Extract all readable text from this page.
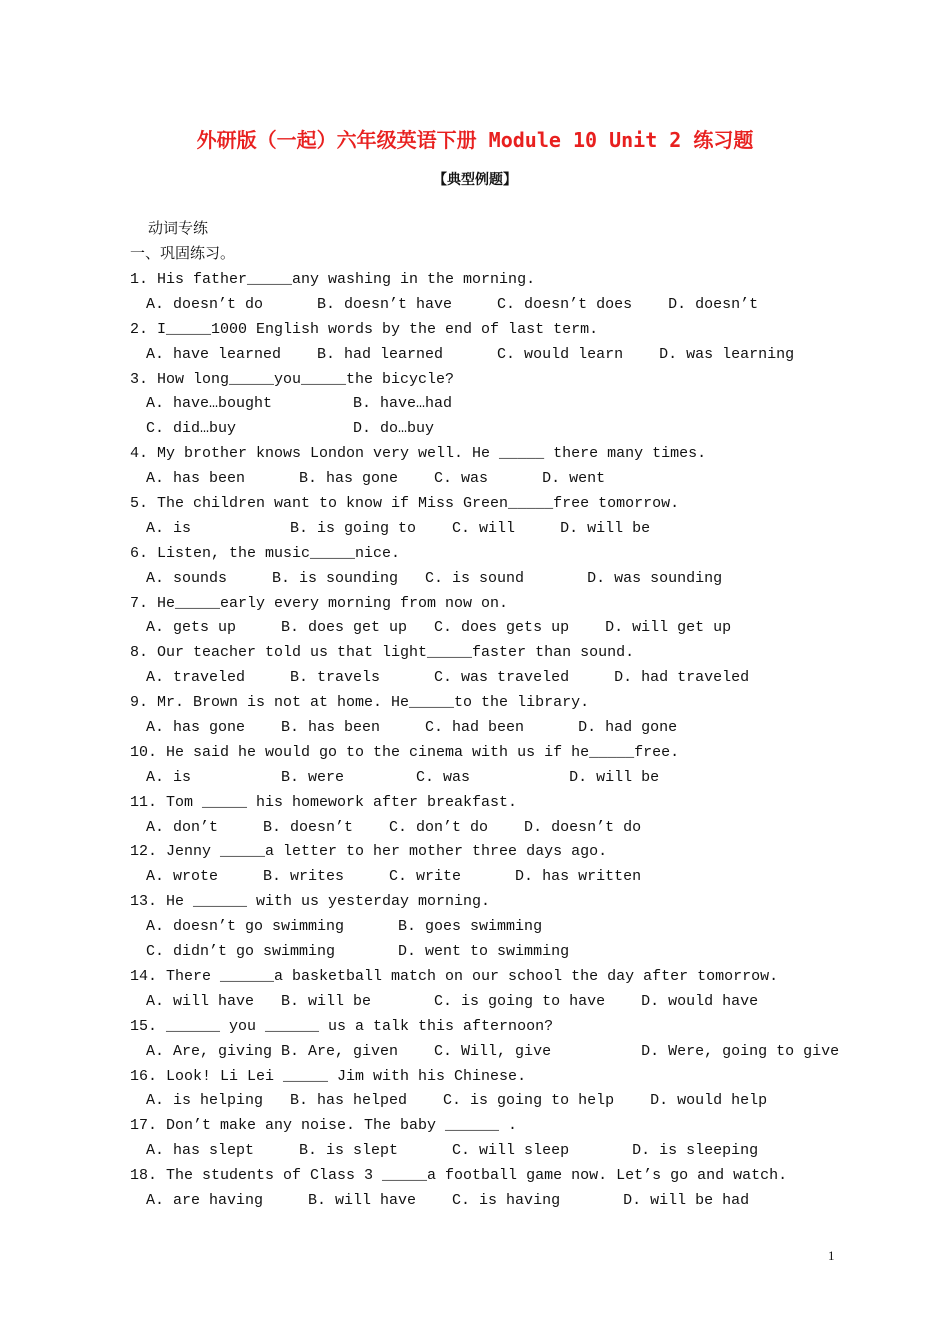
外研版（一起）六年级英语下册 Module 10 Unit 2 练习题
【典型例题】
动词专练
一、巩固练习。
1. His father_____any washing in the morning.
A. doesn’t do      B. doesn’t have     C. doesn’t does    D. doesn’t
2. I_____1000 English words by the end of last term.
A. have learned    B. had learned      C. would learn    D. was learning
3. How long_____you_____the bicycle?
A. have…bought         B. have…had
C. did…buy             D. do…buy
4. My brother knows London very well. He _____ there many times.
A. has been      B. has gone    C. was      D. went
5. The children want to know if Miss Green_____free tomorrow.
A. is           B. is going to    C. will     D. will be
6. Listen, the music_____nice.
A. sounds     B. is sounding   C. is sound       D. was sounding
7. He_____early every morning from now on.
A. gets up     B. does get up   C. does gets up    D. will get up
8. Our teacher told us that light_____faster than sound.
A. traveled     B. travels      C. was traveled     D. had traveled
9. Mr. Brown is not at home. He_____to the library.
A. has gone    B. has been     C. had been      D. had gone
10. He said he would go to the cinema with us if he_____free.
A. is          B. were        C. was           D. will be
11. Tom _____ his homework after breakfast.
A. don’t     B. doesn’t    C. don’t do    D. doesn’t do
12. Jenny _____a letter to her mother three days ago.
A. wrote     B. writes     C. write      D. has written
13. He ______ with us yesterday morning.
A. doesn’t go swimming      B. goes swimming
C. didn’t go swimming       D. went to swimming
14. There ______a basketball match on our school the day after tomorrow.
A. will have   B. will be       C. is going to have    D. would have
15. ______ you ______ us a talk this afternoon?
A. Are, giving B. Are, given    C. Will, give          D. Were, going to give
16. Look! Li Lei _____ Jim with his Chinese.
A. is helping   B. has helped    C. is going to help    D. would help
17. Don’t make any noise. The baby ______ .
A. has slept     B. is slept      C. will sleep       D. is sleeping
18. The students of Class 3 _____a football game now. Let’s go and watch.
A. are having     B. will have    C. is having       D. will be had
1
